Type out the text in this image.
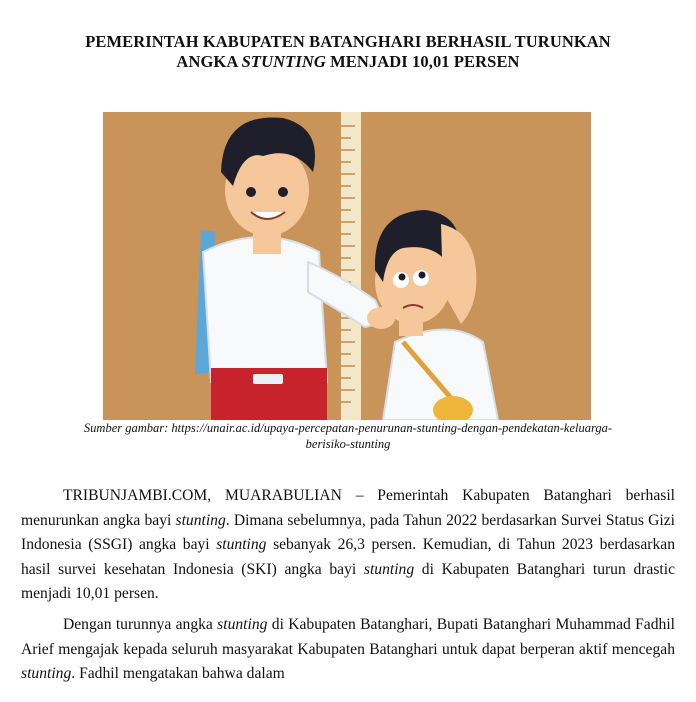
PEMERINTAH KABUPATEN BATANGHARI BERHASIL TURUNKAN
ANGKA STUNTING MENJADI 10,01 PERSEN
Sumber gambar: https://unair.ac.id/upaya-percepatan-penurunan-stunting-dengan-pendekatan-keluarga-
berisiko-stunting

TRIBUNJAMBI.COM, MUARABULIAN – Pemerintah Kabupaten Batanghari berhasil menurunkan angka bayi stunting. Dimana sebelumnya, pada Tahun 2022 berdasarkan Survei Status Gizi Indonesia (SSGI) angka bayi stunting sebanyak 26,3 persen. Kemudian, di Tahun 2023 berdasarkan hasil survei kesehatan Indonesia (SKI) angka bayi stunting di Kabupaten Batanghari turun drastic menjadi 10,01 persen.

Dengan turunnya angka stunting di Kabupaten Batanghari, Bupati Batanghari Muhammad Fadhil Arief mengajak kepada seluruh masyarakat Kabupaten Batanghari untuk dapat berperan aktif mencegah stunting. Fadhil mengatakan bahwa dalam
